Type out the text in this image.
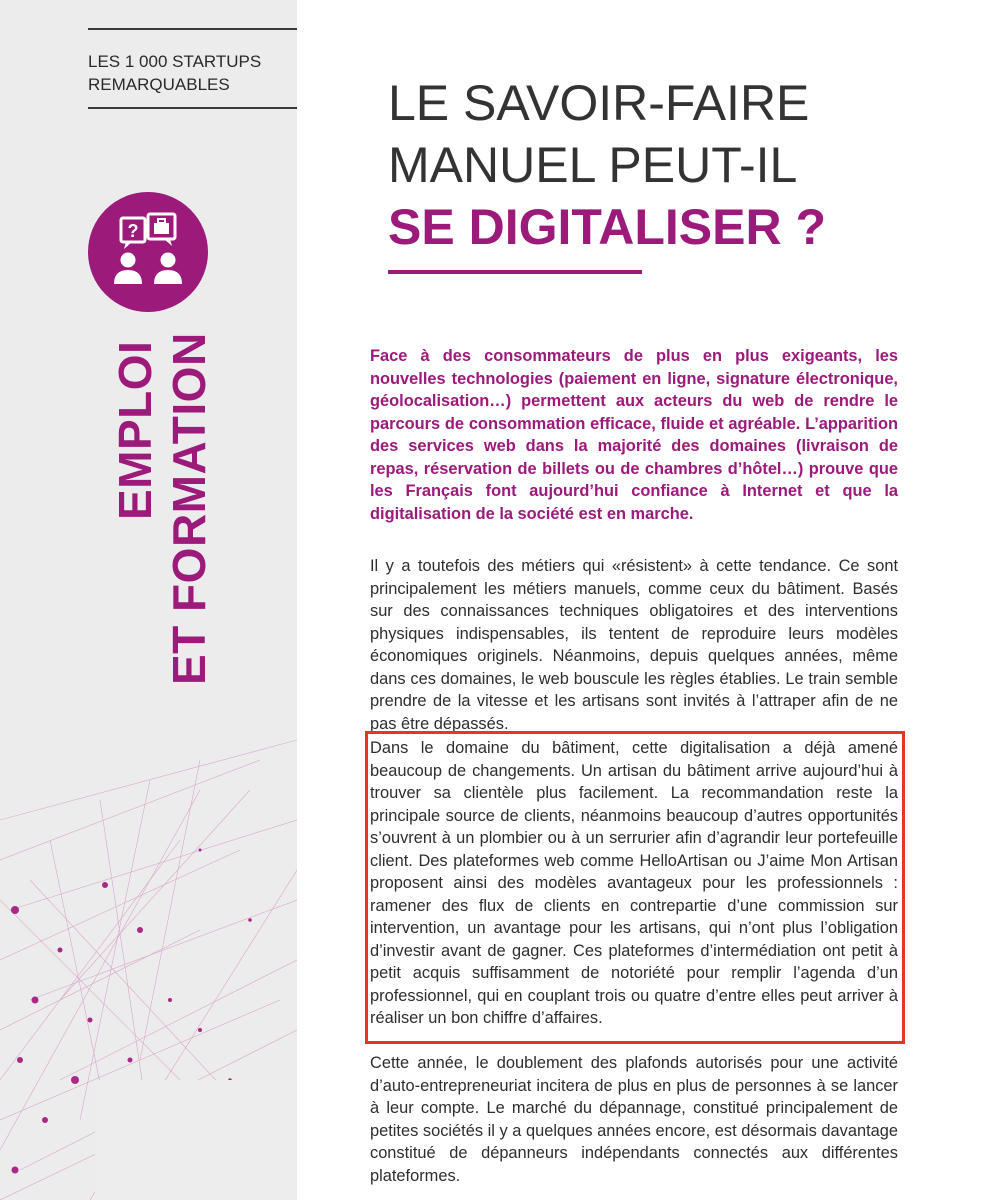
LES 1 000 STARTUPS REMARQUABLES
?
EMPLOI ET FORMATION
LE SAVOIR-FAIRE
MANUEL PEUT-IL
SE DIGITALISER ?

Face à des consommateurs de plus en plus exigeants, les nouvelles technologies (paiement en ligne, signature électronique, géolocalisation…) permettent aux acteurs du web de rendre le parcours de consommation efficace, fluide et agréable. L’apparition des services web dans la majorité des domaines (livraison de repas, réservation de billets ou de chambres d’hôtel…) prouve que les Français font aujourd’hui confiance à Internet et que la digitalisation de la société est en marche.

Il y a toutefois des métiers qui «résistent» à cette tendance. Ce sont principalement les métiers manuels, comme ceux du bâtiment. Basés sur des connaissances techniques obligatoires et des interventions physiques indispensables, ils tentent de reproduire leurs modèles économiques originels. Néanmoins, depuis quelques années, même dans ces domaines, le web bouscule les règles établies. Le train semble prendre de la vitesse et les artisans sont invités à l’attraper afin de ne pas être dépassés.

Dans le domaine du bâtiment, cette digitalisation a déjà amené beaucoup de changements. Un artisan du bâtiment arrive aujourd’hui à trouver sa clientèle plus facilement. La recommandation reste la principale source de clients, néanmoins beaucoup d’autres opportunités s’ouvrent à un plombier ou à un serrurier afin d’agrandir leur portefeuille client. Des plateformes web comme HelloArtisan ou J’aime Mon Artisan proposent ainsi des modèles avantageux pour les professionnels : ramener des flux de clients en contrepartie d’une commission sur intervention, un avantage pour les artisans, qui n’ont plus l’obligation d’investir avant de gagner. Ces plateformes d’intermédiation ont petit à petit acquis suffisamment de notoriété pour remplir l’agenda d’un professionnel, qui en couplant trois ou quatre d’entre elles peut arriver à réaliser un bon chiffre d’affaires.

Cette année, le doublement des plafonds autorisés pour une activité d’auto-entrepreneuriat incitera de plus en plus de personnes à se lancer à leur compte. Le marché du dépannage, constitué principalement de petites sociétés il y a quelques années encore, est désormais davantage constitué de dépanneurs indépendants connectés aux différentes plateformes.
